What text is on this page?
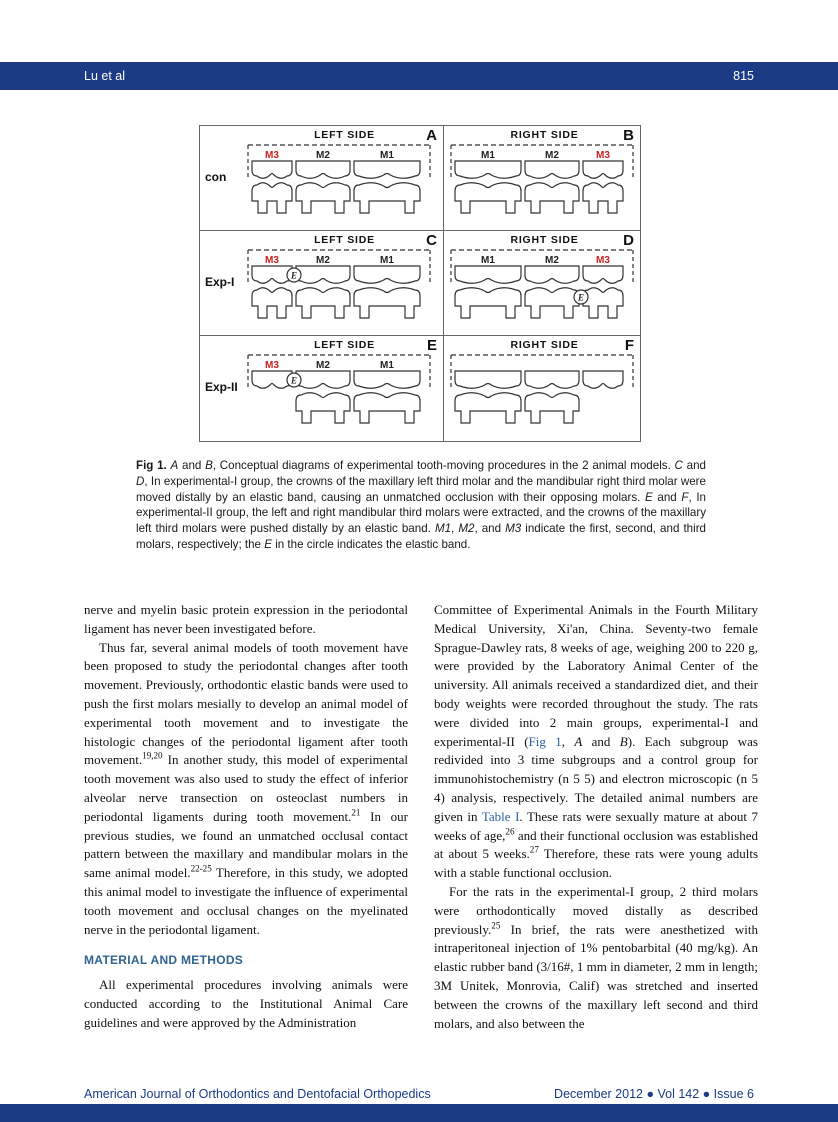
Lu et al	815
LEFT SIDE	A
con
M3	M2	M1
RIGHT SIDE	B
M1	M2	M3
LEFT SIDE	C
Exp-I
M3	M2	M1
E
RIGHT SIDE	D
M1	M2	M3
E
LEFT SIDE	E
Exp-II
M3	M2	M1
E
RIGHT SIDE	F
Fig 1. A and B, Conceptual diagrams of experimental tooth-moving procedures in the 2 animal models. C and D, In experimental-I group, the crowns of the maxillary left third molar and the mandibular right third molar were moved distally by an elastic band, causing an unmatched occlusion with their opposing molars. E and F, In experimental-II group, the left and right mandibular third molars were extracted, and the crowns of the maxillary left third molars were pushed distally by an elastic band. M1, M2, and M3 indicate the first, second, and third molars, respectively; the E in the circle indicates the elastic band.

nerve and myelin basic protein expression in the periodontal ligament has never been investigated before.

Thus far, several animal models of tooth movement have been proposed to study the periodontal changes after tooth movement. Previously, orthodontic elastic bands were used to push the first molars mesially to develop an animal model of experimental tooth movement and to investigate the histologic changes of the periodontal ligament after tooth movement.$^{19,20}$ In another study, this model of experimental tooth movement was also used to study the effect of inferior alveolar nerve transection on osteoclast numbers in periodontal ligaments during tooth movement.$^{21}$ In our previous studies, we found an unmatched occlusal contact pattern between the maxillary and mandibular molars in the same animal model.$^{22-25}$ Therefore, in this study, we adopted this animal model to investigate the influence of experimental tooth movement and occlusal changes on the myelinated nerve in the periodontal ligament.

MATERIAL AND METHODS

All experimental procedures involving animals were conducted according to the Institutional Animal Care guidelines and were approved by the Administration

Committee of Experimental Animals in the Fourth Military Medical University, Xi'an, China. Seventy-two female Sprague-Dawley rats, 8 weeks of age, weighing 200 to 220 g, were provided by the Laboratory Animal Center of the university. All animals received a standardized diet, and their body weights were recorded throughout the study. The rats were divided into 2 main groups, experimental-I and experimental-II (Fig 1, A and B). Each subgroup was redivided into 3 time subgroups and a control group for immunohistochemistry (n 5 5) and electron microscopic (n 5 4) analysis, respectively. The detailed animal numbers are given in Table I. These rats were sexually mature at about 7 weeks of age,$^{26}$ and their functional occlusion was established at about 5 weeks.$^{27}$ Therefore, these rats were young adults with a stable functional occlusion.

For the rats in the experimental-I group, 2 third molars were orthodontically moved distally as described previously.$^{25}$ In brief, the rats were anesthetized with intraperitoneal injection of 1% pentobarbital (40 mg/kg). An elastic rubber band (3/16#, 1 mm in diameter, 2 mm in length; 3M Unitek, Monrovia, Calif) was stretched and inserted between the crowns of the maxillary left second and third molars, and also between the

American Journal of Orthodontics and Dentofacial Orthopedics	December 2012 ● Vol 142 ● Issue 6
